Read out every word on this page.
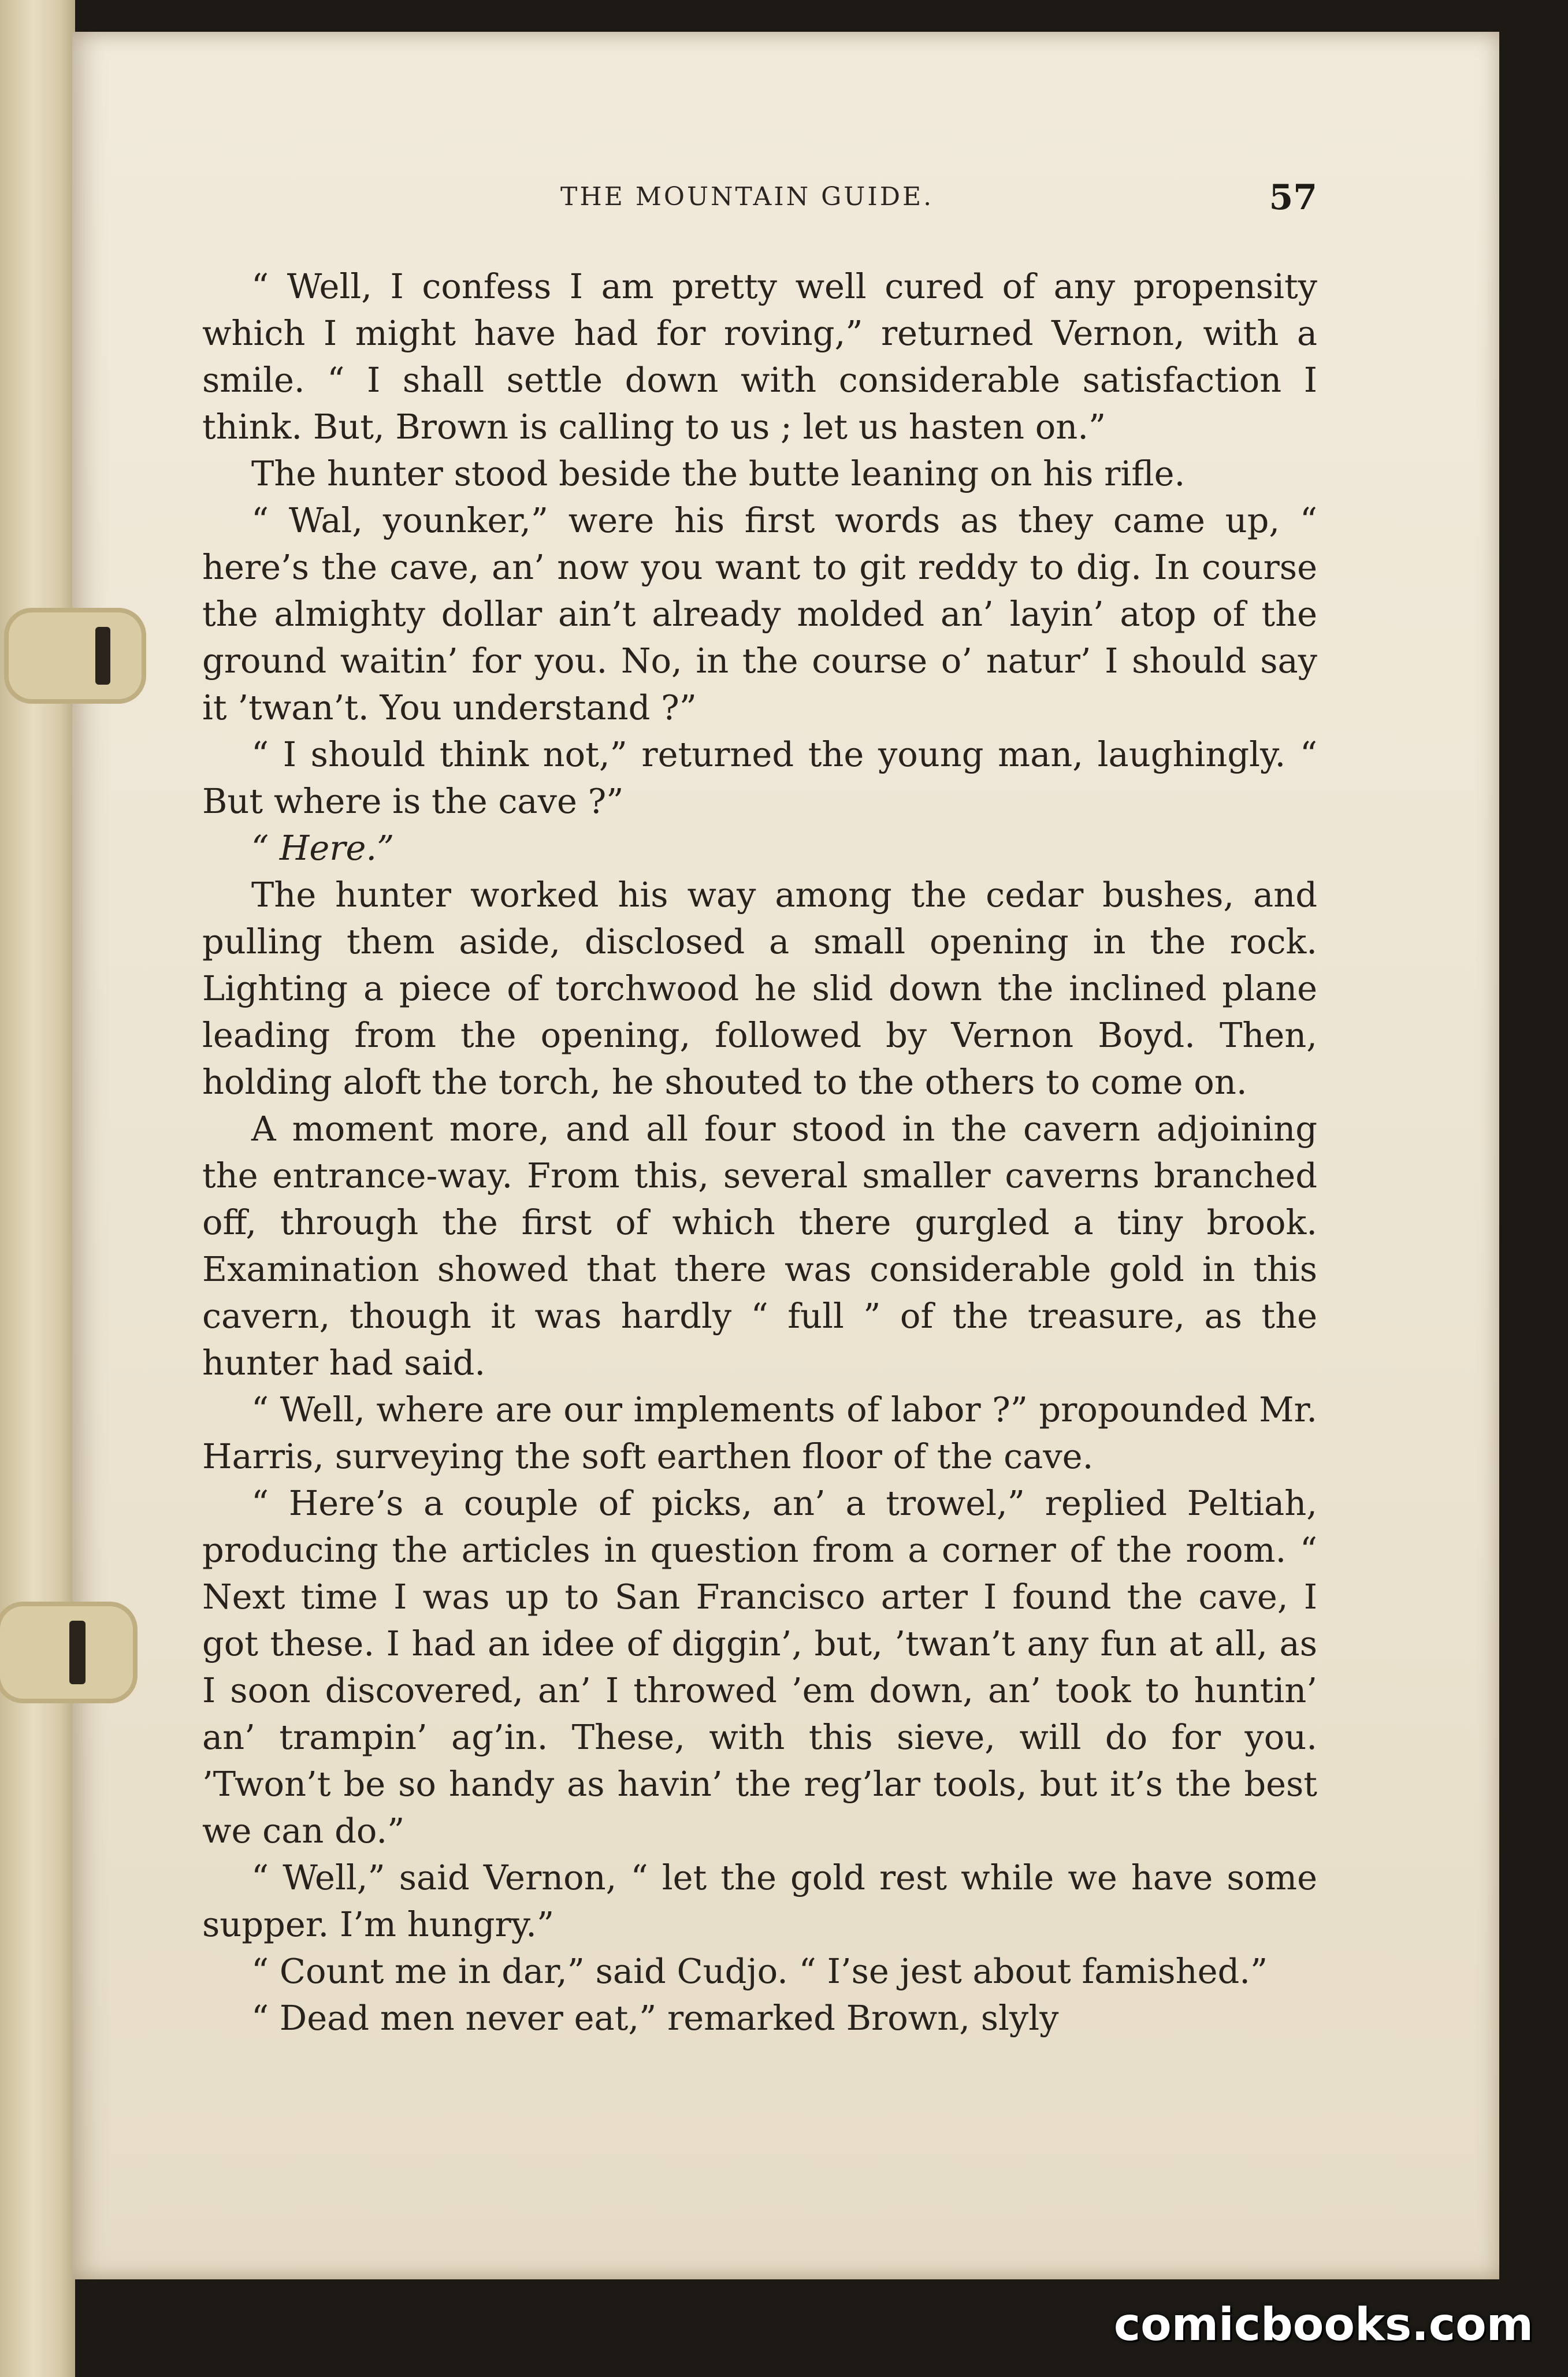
THE MOUNTAIN GUIDE.	57

“ Well, I confess I am pretty well cured of any propensity which I might have had for roving,” returned Vernon, with a smile. “ I shall settle down with considerable satisfaction I think. But, Brown is calling to us ; let us hasten on.”

The hunter stood beside the butte leaning on his rifle.

“ Wal, younker,” were his first words as they came up, “ here’s the cave, an’ now you want to git reddy to dig. In course the almighty dollar ain’t already molded an’ layin’ atop of the ground waitin’ for you. No, in the course o’ natur’ I should say it ’twan’t. You understand ?”

“ I should think not,” returned the young man, laughingly. “ But where is the cave ?”

“ Here.”

The hunter worked his way among the cedar bushes, and pulling them aside, disclosed a small opening in the rock. Lighting a piece of torchwood he slid down the inclined plane leading from the opening, followed by Vernon Boyd. Then, holding aloft the torch, he shouted to the others to come on.

A moment more, and all four stood in the cavern adjoining the entrance-way. From this, several smaller caverns branched off, through the first of which there gurgled a tiny brook. Examination showed that there was considerable gold in this cavern, though it was hardly “ full ” of the treasure, as the hunter had said.

“ Well, where are our implements of labor ?” propounded Mr. Harris, surveying the soft earthen floor of the cave.

“ Here’s a couple of picks, an’ a trowel,” replied Peltiah, producing the articles in question from a corner of the room. “ Next time I was up to San Francisco arter I found the cave, I got these. I had an idee of diggin’, but, ’twan’t any fun at all, as I soon discovered, an’ I throwed ’em down, an’ took to huntin’ an’ trampin’ ag’in. These, with this sieve, will do for you. ’Twon’t be so handy as havin’ the reg’lar tools, but it’s the best we can do.”

“ Well,” said Vernon, “ let the gold rest while we have some supper. I’m hungry.”

“ Count me in dar,” said Cudjo. “ I’se jest about famished.”

“ Dead men never eat,” remarked Brown, slyly

comicbooks.com
